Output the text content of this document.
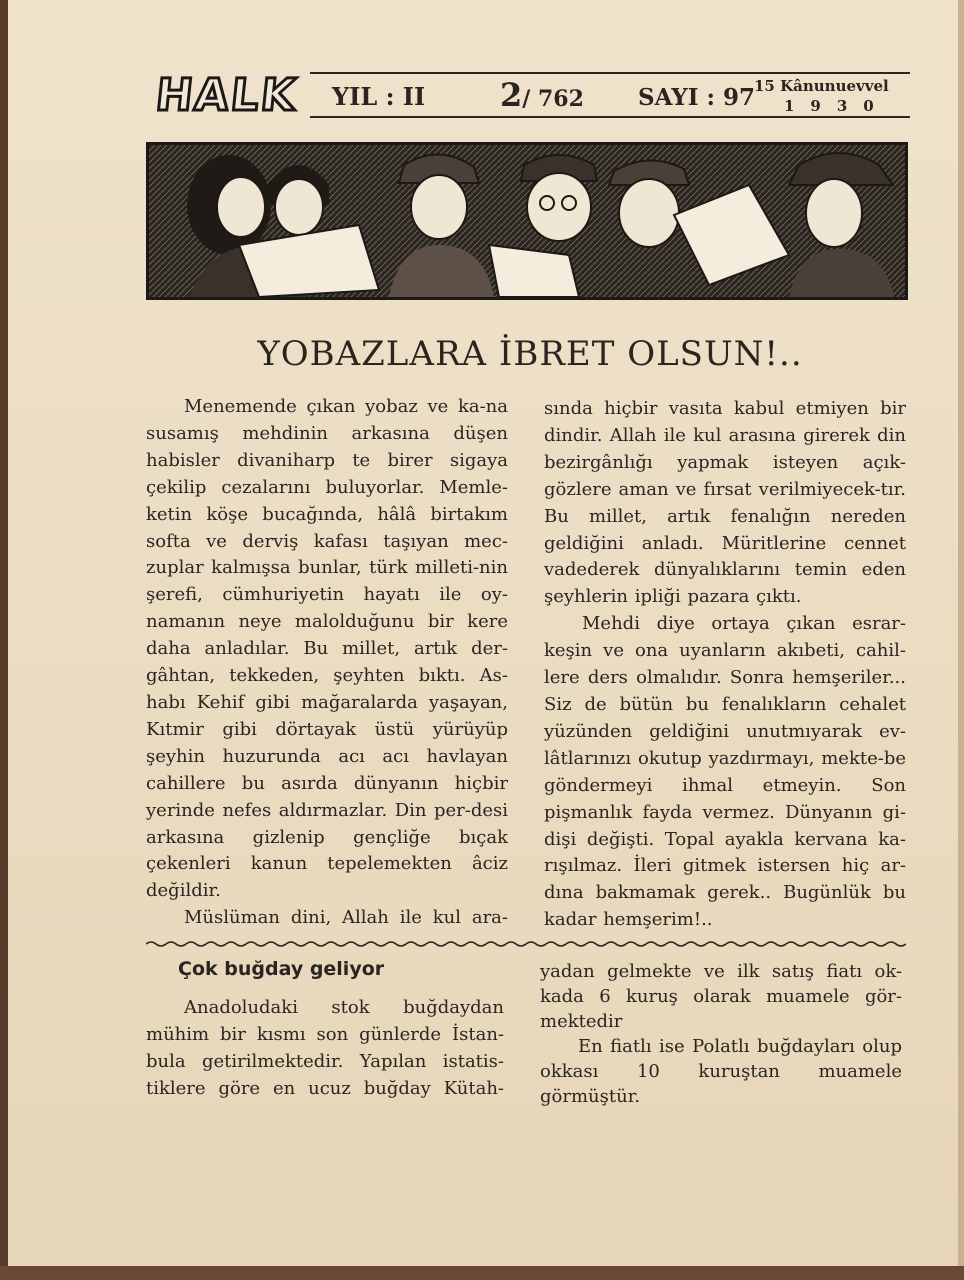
HALK YIL : II 2/ 762 SAYI : 97 15 Kânunuevvel
1930
YOBAZLARA İBRET OLSUN!..

Menemende çıkan yobaz ve ka-na susamış mehdinin arkasına düşen habisler divaniharp te birer sigaya çekilip cezalarını buluyorlar. Memle-ketin köşe bucağında, hâlâ birtakım softa ve derviş kafası taşıyan mec-zuplar kalmışsa bunlar, türk milleti-nin şerefi, cümhuriyetin hayatı ile oy-namanın neye malolduğunu bir kere daha anladılar. Bu millet, artık der-gâhtan, tekkeden, şeyhten bıktı. As-habı Kehif gibi mağaralarda yaşayan, Kıtmir gibi dörtayak üstü yürüyüp şeyhin huzurunda acı acı havlayan cahillere bu asırda dünyanın hiçbir yerinde nefes aldırmazlar. Din per-desi arkasına gizlenip gençliğe bıçak çekenleri kanun tepelemekten âciz değildir.

Müslüman dini, Allah ile kul ara-

sında hiçbir vasıta kabul etmiyen bir dindir. Allah ile kul arasına girerek din bezirgânlığı yapmak isteyen açık-gözlere aman ve fırsat verilmiyecek-tır. Bu millet, artık fenalığın nereden geldiğini anladı. Müritlerine cennet vadederek dünyalıklarını temin eden şeyhlerin ipliği pazara çıktı.

Mehdi diye ortaya çıkan esrar-keşin ve ona uyanların akıbeti, cahil-lere ders olmalıdır. Sonra hemşeriler... Siz de bütün bu fenalıkların cehalet yüzünden geldiğini unutmıyarak ev-lâtlarınızı okutup yazdırmayı, mekte-be göndermeyi ihmal etmeyin. Son pişmanlık fayda vermez. Dünyanın gi-dişi değişti. Topal ayakla kervana ka-rışılmaz. İleri gitmek istersen hiç ar-dına bakmamak gerek.. Bugünlük bu kadar hemşerim!..

Çok buğday geliyor

Anadoludaki stok buğdaydan mühim bir kısmı son günlerde İstan-bula getirilmektedir. Yapılan istatis-tiklere göre en ucuz buğday Kütah-

yadan gelmekte ve ilk satış fiatı ok-kada 6 kuruş olarak muamele gör-mektedir

En fiatlı ise Polatlı buğdayları olup okkası 10 kuruştan muamele görmüştür.
